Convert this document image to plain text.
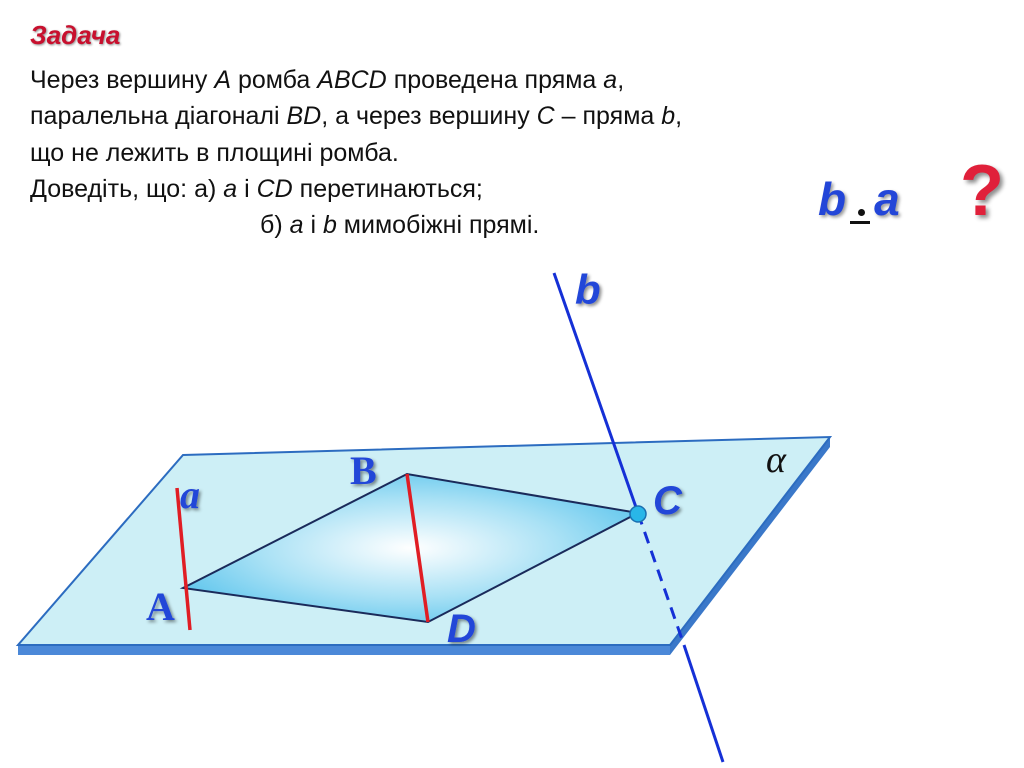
Задача
Через вершину A ромба ABCD проведена пряма a,
паралельна діагоналі BD, а через вершину C – пряма b,
що не лежить в площині ромба.
Доведіть, що: а) a і CD перетинаються;
б) a і b мимобіжні прямі.	b a ?
α
B
A
C
D
a
b
